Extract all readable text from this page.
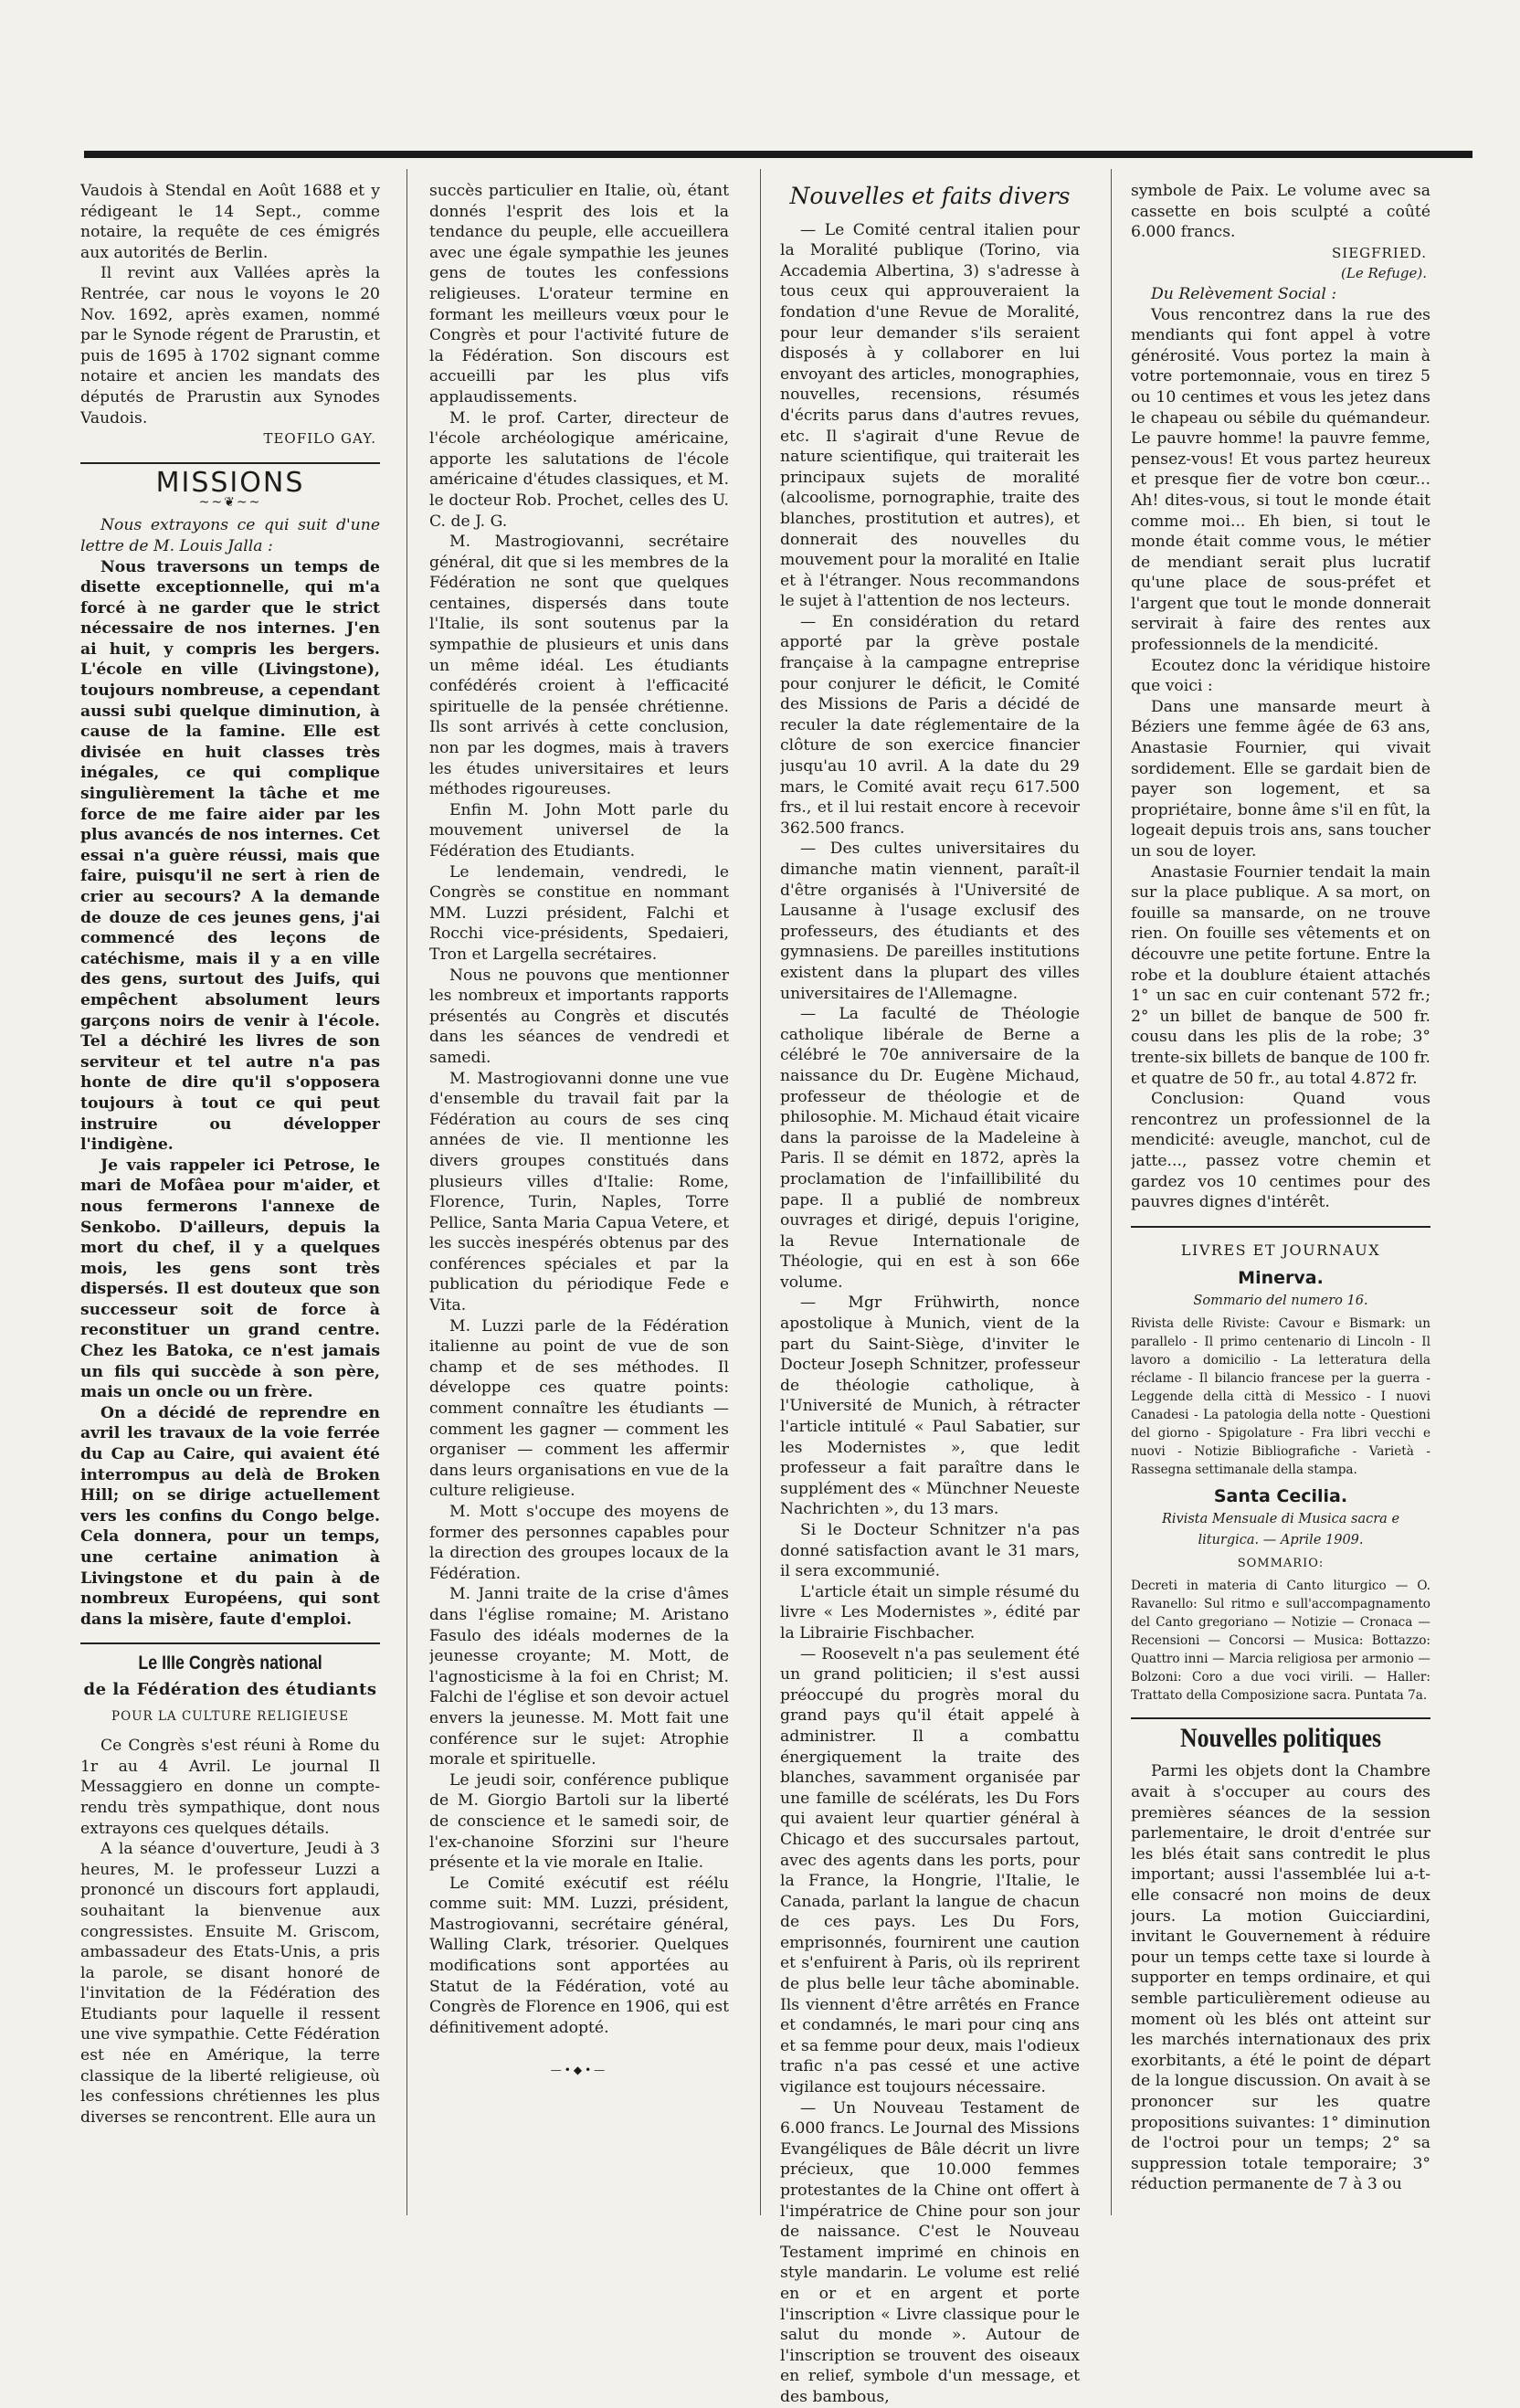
Vaudois à Stendal en Août 1688 et y rédigeant le 14 Sept., comme notaire, la requête de ces émigrés aux autorités de Berlin.

Il revint aux Vallées après la Rentrée, car nous le voyons le 20 Nov. 1692, après examen, nommé par le Synode régent de Prarustin, et puis de 1695 à 1702 signant comme notaire et ancien les mandats des députés de Prarustin aux Synodes Vaudois.

TEOFILO GAY.

MISSIONS
~~❦~~

Nous extrayons ce qui suit d'une lettre de M. Louis Jalla :

Nous traversons un temps de disette exceptionnelle, qui m'a forcé à ne garder que le strict nécessaire de nos internes. J'en ai huit, y compris les bergers. L'école en ville (Livingstone), toujours nombreuse, a cependant aussi subi quelque diminution, à cause de la famine. Elle est divisée en huit classes très inégales, ce qui complique singulièrement la tâche et me force de me faire aider par les plus avancés de nos internes. Cet essai n'a guère réussi, mais que faire, puisqu'il ne sert à rien de crier au secours? A la demande de douze de ces jeunes gens, j'ai commencé des leçons de catéchisme, mais il y a en ville des gens, surtout des Juifs, qui empêchent absolument leurs garçons noirs de venir à l'école. Tel a déchiré les livres de son serviteur et tel autre n'a pas honte de dire qu'il s'opposera toujours à tout ce qui peut instruire ou développer l'indigène.

Je vais rappeler ici Petrose, le mari de Mofâea pour m'aider, et nous fermerons l'annexe de Senkobo. D'ailleurs, depuis la mort du chef, il y a quelques mois, les gens sont très dispersés. Il est douteux que son successeur soit de force à reconstituer un grand centre. Chez les Batoka, ce n'est jamais un fils qui succède à son père, mais un oncle ou un frère.

On a décidé de reprendre en avril les travaux de la voie ferrée du Cap au Caire, qui avaient été interrompus au delà de Broken Hill; on se dirige actuellement vers les confins du Congo belge. Cela donnera, pour un temps, une certaine animation à Livingstone et du pain à de nombreux Européens, qui sont dans la misère, faute d'emploi.

Le IIIe Congrès national
de la Fédération des étudiants
POUR LA CULTURE RELIGIEUSE

Ce Congrès s'est réuni à Rome du 1r au 4 Avril. Le journal Il Messaggiero en donne un compte-rendu très sympathique, dont nous extrayons ces quelques détails.

A la séance d'ouverture, Jeudi à 3 heures, M. le professeur Luzzi a prononcé un discours fort applaudi, souhaitant la bienvenue aux congressistes. Ensuite M. Griscom, ambassadeur des Etats-Unis, a pris la parole, se disant honoré de l'invitation de la Fédération des Etudiants pour laquelle il ressent une vive sympathie. Cette Fédération est née en Amérique, la terre classique de la liberté religieuse, où les confessions chrétiennes les plus diverses se rencontrent. Elle aura un

succès particulier en Italie, où, étant donnés l'esprit des lois et la tendance du peuple, elle accueillera avec une égale sympathie les jeunes gens de toutes les confessions religieuses. L'orateur termine en formant les meilleurs vœux pour le Congrès et pour l'activité future de la Fédération. Son discours est accueilli par les plus vifs applaudissements.

M. le prof. Carter, directeur de l'école archéologique américaine, apporte les salutations de l'école américaine d'études classiques, et M. le docteur Rob. Prochet, celles des U. C. de J. G.

M. Mastrogiovanni, secrétaire général, dit que si les membres de la Fédération ne sont que quelques centaines, dispersés dans toute l'Italie, ils sont soutenus par la sympathie de plusieurs et unis dans un même idéal. Les étudiants confédérés croient à l'efficacité spirituelle de la pensée chrétienne. Ils sont arrivés à cette conclusion, non par les dogmes, mais à travers les études universitaires et leurs méthodes rigoureuses.

Enfin M. John Mott parle du mouvement universel de la Fédération des Etudiants.

Le lendemain, vendredi, le Congrès se constitue en nommant MM. Luzzi président, Falchi et Rocchi vice-présidents, Spedaieri, Tron et Largella secrétaires.

Nous ne pouvons que mentionner les nombreux et importants rapports présentés au Congrès et discutés dans les séances de vendredi et samedi.

M. Mastrogiovanni donne une vue d'ensemble du travail fait par la Fédération au cours de ses cinq années de vie. Il mentionne les divers groupes constitués dans plusieurs villes d'Italie: Rome, Florence, Turin, Naples, Torre Pellice, Santa Maria Capua Vetere, et les succès inespérés obtenus par des conférences spéciales et par la publication du périodique Fede e Vita.

M. Luzzi parle de la Fédération italienne au point de vue de son champ et de ses méthodes. Il développe ces quatre points: comment connaître les étudiants — comment les gagner — comment les organiser — comment les affermir dans leurs organisations en vue de la culture religieuse.

M. Mott s'occupe des moyens de former des personnes capables pour la direction des groupes locaux de la Fédération.

M. Janni traite de la crise d'âmes dans l'église romaine; M. Aristano Fasulo des idéals modernes de la jeunesse croyante; M. Mott, de l'agnosticisme à la foi en Christ; M. Falchi de l'église et son devoir actuel envers la jeunesse. M. Mott fait une conférence sur le sujet: Atrophie morale et spirituelle.

Le jeudi soir, conférence publique de M. Giorgio Bartoli sur la liberté de conscience et le samedi soir, de l'ex-chanoine Sforzini sur l'heure présente et la vie morale en Italie.

Le Comité exécutif est réélu comme suit: MM. Luzzi, président, Mastrogiovanni, secrétaire général, Walling Clark, trésorier. Quelques modifications sont apportées au Statut de la Fédération, voté au Congrès de Florence en 1906, qui est définitivement adopté.

—•◆•—
Nouvelles et faits divers

— Le Comité central italien pour la Moralité publique (Torino, via Accademia Albertina, 3) s'adresse à tous ceux qui approuveraient la fondation d'une Revue de Moralité, pour leur demander s'ils seraient disposés à y collaborer en lui envoyant des articles, monographies, nouvelles, recensions, résumés d'écrits parus dans d'autres revues, etc. Il s'agirait d'une Revue de nature scientifique, qui traiterait les principaux sujets de moralité (alcoolisme, pornographie, traite des blanches, prostitution et autres), et donnerait des nouvelles du mouvement pour la moralité en Italie et à l'étranger. Nous recommandons le sujet à l'attention de nos lecteurs.

— En considération du retard apporté par la grève postale française à la campagne entreprise pour conjurer le déficit, le Comité des Missions de Paris a décidé de reculer la date réglementaire de la clôture de son exercice financier jusqu'au 10 avril. A la date du 29 mars, le Comité avait reçu 617.500 frs., et il lui restait encore à recevoir 362.500 francs.

— Des cultes universitaires du dimanche matin viennent, paraît-il d'être organisés à l'Université de Lausanne à l'usage exclusif des professeurs, des étudiants et des gymnasiens. De pareilles institutions existent dans la plupart des villes universitaires de l'Allemagne.

— La faculté de Théologie catholique libérale de Berne a célébré le 70e anniversaire de la naissance du Dr. Eugène Michaud, professeur de théologie et de philosophie. M. Michaud était vicaire dans la paroisse de la Madeleine à Paris. Il se démit en 1872, après la proclamation de l'infaillibilité du pape. Il a publié de nombreux ouvrages et dirigé, depuis l'origine, la Revue Internationale de Théologie, qui en est à son 66e volume.

— Mgr Frühwirth, nonce apostolique à Munich, vient de la part du Saint-Siège, d'inviter le Docteur Joseph Schnitzer, professeur de théologie catholique, à l'Université de Munich, à rétracter l'article intitulé « Paul Sabatier, sur les Modernistes », que ledit professeur a fait paraître dans le supplément des « Münchner Neueste Nachrichten », du 13 mars.

Si le Docteur Schnitzer n'a pas donné satisfaction avant le 31 mars, il sera excommunié.

L'article était un simple résumé du livre « Les Modernistes », édité par la Librairie Fischbacher.

— Roosevelt n'a pas seulement été un grand politicien; il s'est aussi préoccupé du progrès moral du grand pays qu'il était appelé à administrer. Il a combattu énergiquement la traite des blanches, savamment organisée par une famille de scélérats, les Du Fors qui avaient leur quartier général à Chicago et des succursales partout, avec des agents dans les ports, pour la France, la Hongrie, l'Italie, le Canada, parlant la langue de chacun de ces pays. Les Du Fors, emprisonnés, fournirent une caution et s'enfuirent à Paris, où ils reprirent de plus belle leur tâche abominable. Ils viennent d'être arrêtés en France et condamnés, le mari pour cinq ans et sa femme pour deux, mais l'odieux trafic n'a pas cessé et une active vigilance est toujours nécessaire.

— Un Nouveau Testament de 6.000 francs. Le Journal des Missions Evangéliques de Bâle décrit un livre précieux, que 10.000 femmes protestantes de la Chine ont offert à l'impératrice de Chine pour son jour de naissance. C'est le Nouveau Testament imprimé en chinois en style mandarin. Le volume est relié en or et en argent et porte l'inscription « Livre classique pour le salut du monde ». Autour de l'inscription se trouvent des oiseaux en relief, symbole d'un message, et des bambous,

symbole de Paix. Le volume avec sa cassette en bois sculpté a coûté 6.000 francs.

SIEGFRIED.

(Le Refuge).

Du Relèvement Social :

Vous rencontrez dans la rue des mendiants qui font appel à votre générosité. Vous portez la main à votre portemonnaie, vous en tirez 5 ou 10 centimes et vous les jetez dans le chapeau ou sébile du quémandeur. Le pauvre homme! la pauvre femme, pensez-vous! Et vous partez heureux et presque fier de votre bon cœur... Ah! dites-vous, si tout le monde était comme moi... Eh bien, si tout le monde était comme vous, le métier de mendiant serait plus lucratif qu'une place de sous-préfet et l'argent que tout le monde donnerait servirait à faire des rentes aux professionnels de la mendicité.

Ecoutez donc la véridique histoire que voici :

Dans une mansarde meurt à Béziers une femme âgée de 63 ans, Anastasie Fournier, qui vivait sordidement. Elle se gardait bien de payer son logement, et sa propriétaire, bonne âme s'il en fût, la logeait depuis trois ans, sans toucher un sou de loyer.

Anastasie Fournier tendait la main sur la place publique. A sa mort, on fouille sa mansarde, on ne trouve rien. On fouille ses vêtements et on découvre une petite fortune. Entre la robe et la doublure étaient attachés 1° un sac en cuir contenant 572 fr.; 2° un billet de banque de 500 fr. cousu dans les plis de la robe; 3° trente-six billets de banque de 100 fr. et quatre de 50 fr., au total 4.872 fr.

Conclusion: Quand vous rencontrez un professionnel de la mendicité: aveugle, manchot, cul de jatte..., passez votre chemin et gardez vos 10 centimes pour des pauvres dignes d'intérêt.

LIVRES ET JOURNAUX
Minerva.
Sommario del numero 16.

Rivista delle Riviste: Cavour e Bismark: un parallelo - Il primo centenario di Lincoln - Il lavoro a domicilio - La letteratura della réclame - Il bilancio francese per la guerra - Leggende della città di Messico - I nuovi Canadesi - La patologia della notte - Questioni del giorno - Spigolature - Fra libri vecchi e nuovi - Notizie Bibliografiche - Varietà - Rassegna settimanale della stampa.

Santa Cecilia.
Rivista Mensuale di Musica sacra e liturgica. — Aprile 1909.
SOMMARIO:

Decreti in materia di Canto liturgico — O. Ravanello: Sul ritmo e sull'accompagnamento del Canto gregoriano — Notizie — Cronaca — Recensioni — Concorsi — Musica: Bottazzo: Quattro inni — Marcia religiosa per armonio — Bolzoni: Coro a due voci virili. — Haller: Trattato della Composizione sacra. Puntata 7a.

Nouvelles politiques

Parmi les objets dont la Chambre avait à s'occuper au cours des premières séances de la session parlementaire, le droit d'entrée sur les blés était sans contredit le plus important; aussi l'assemblée lui a-t-elle consacré non moins de deux jours. La motion Guicciardini, invitant le Gouvernement à réduire pour un temps cette taxe si lourde à supporter en temps ordinaire, et qui semble particulièrement odieuse au moment où les blés ont atteint sur les marchés internationaux des prix exorbitants, a été le point de départ de la longue discussion. On avait à se prononcer sur les quatre propositions suivantes: 1° diminution de l'octroi pour un temps; 2° sa suppression totale temporaire; 3° réduction permanente de 7 à 3 ou
